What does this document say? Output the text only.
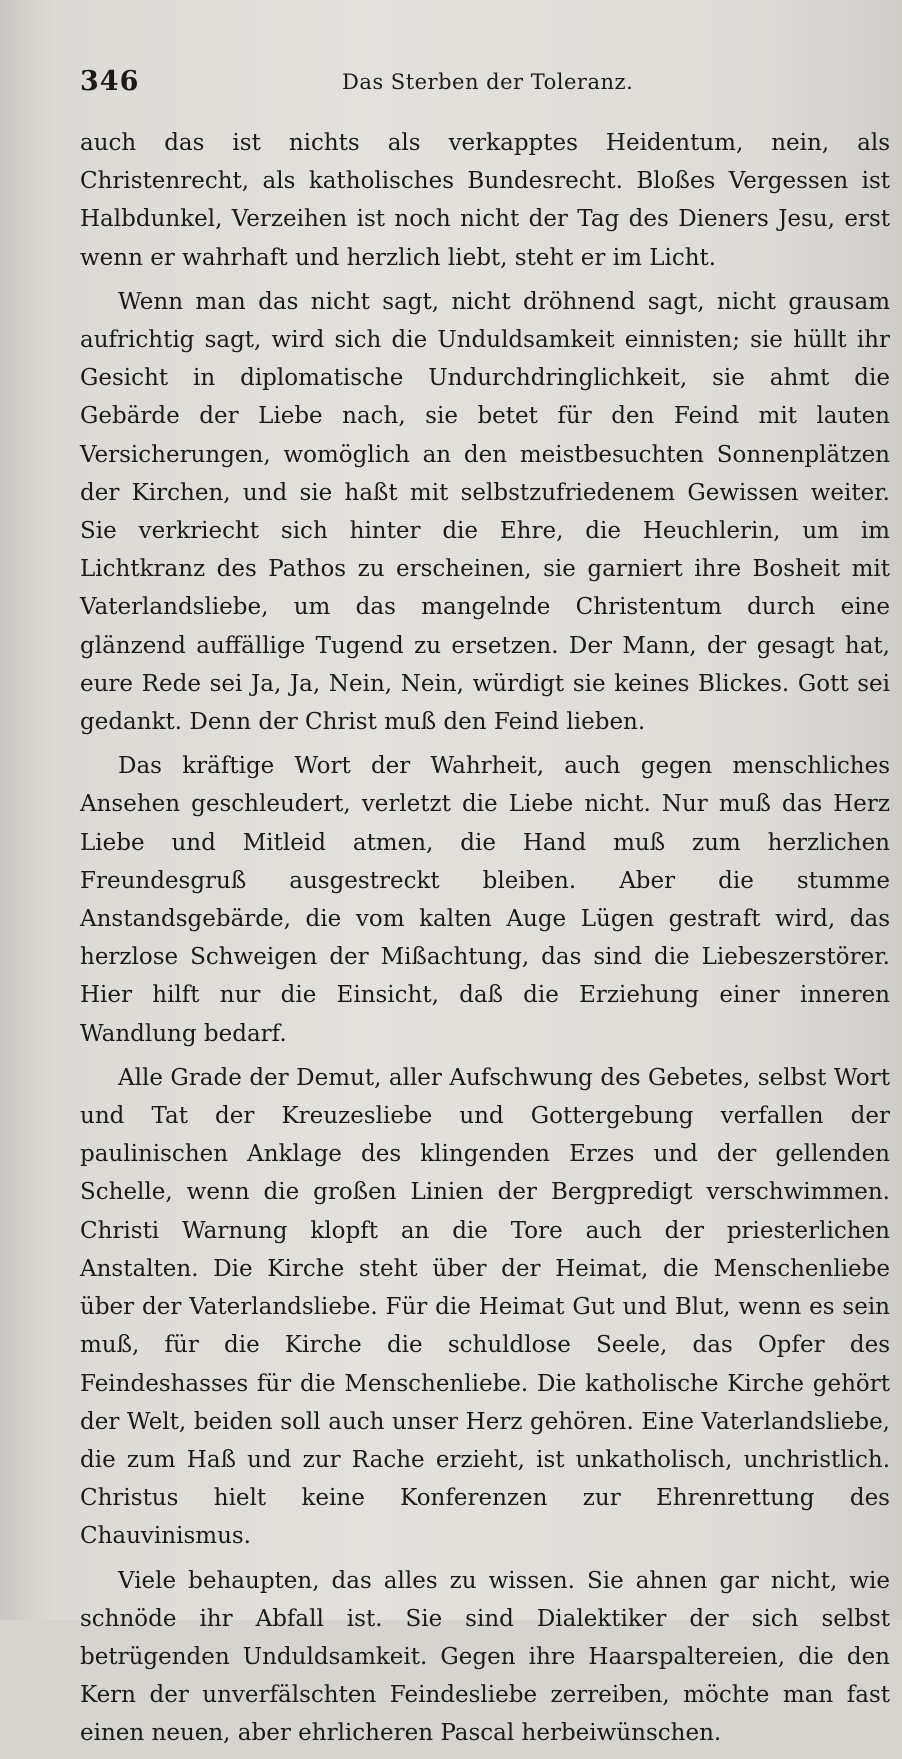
346	Das Sterben der Toleranz.

auch das ist nichts als verkapptes Heidentum, nein, als Christenrecht, als katholisches Bundesrecht. Bloßes Vergessen ist Halbdunkel, Verzeihen ist noch nicht der Tag des Dieners Jesu, erst wenn er wahrhaft und herzlich liebt, steht er im Licht.

Wenn man das nicht sagt, nicht dröhnend sagt, nicht grausam aufrichtig sagt, wird sich die Unduldsamkeit einnisten; sie hüllt ihr Gesicht in diplomatische Undurchdringlichkeit, sie ahmt die Gebärde der Liebe nach, sie betet für den Feind mit lauten Versicherungen, womöglich an den meistbesuchten Sonnenplätzen der Kirchen, und sie haßt mit selbstzufriedenem Gewissen weiter. Sie verkriecht sich hinter die Ehre, die Heuchlerin, um im Lichtkranz des Pathos zu erscheinen, sie garniert ihre Bosheit mit Vaterlandsliebe, um das mangelnde Christentum durch eine glänzend auffällige Tugend zu ersetzen. Der Mann, der gesagt hat, eure Rede sei Ja, Ja, Nein, Nein, würdigt sie keines Blickes. Gott sei gedankt. Denn der Christ muß den Feind lieben.

Das kräftige Wort der Wahrheit, auch gegen menschliches Ansehen geschleudert, verletzt die Liebe nicht. Nur muß das Herz Liebe und Mitleid atmen, die Hand muß zum herzlichen Freundesgruß ausgestreckt bleiben. Aber die stumme Anstandsgebärde, die vom kalten Auge Lügen gestraft wird, das herzlose Schweigen der Mißachtung, das sind die Liebeszerstörer. Hier hilft nur die Einsicht, daß die Erziehung einer inneren Wandlung bedarf.

Alle Grade der Demut, aller Aufschwung des Gebetes, selbst Wort und Tat der Kreuzesliebe und Gottergebung verfallen der paulinischen Anklage des klingenden Erzes und der gellenden Schelle, wenn die großen Linien der Bergpredigt verschwimmen. Christi Warnung klopft an die Tore auch der priesterlichen Anstalten. Die Kirche steht über der Heimat, die Menschenliebe über der Vaterlandsliebe. Für die Heimat Gut und Blut, wenn es sein muß, für die Kirche die schuldlose Seele, das Opfer des Feindeshasses für die Menschenliebe. Die katholische Kirche gehört der Welt, beiden soll auch unser Herz gehören. Eine Vaterlandsliebe, die zum Haß und zur Rache erzieht, ist unkatholisch, unchristlich. Christus hielt keine Konferenzen zur Ehrenrettung des Chauvinismus.

Viele behaupten, das alles zu wissen. Sie ahnen gar nicht, wie schnöde ihr Abfall ist. Sie sind Dialektiker der sich selbst betrügenden Unduldsamkeit. Gegen ihre Haarspaltereien, die den Kern der unverfälschten Feindesliebe zerreiben, möchte man fast einen neuen, aber ehrlicheren Pascal herbeiwünschen.
